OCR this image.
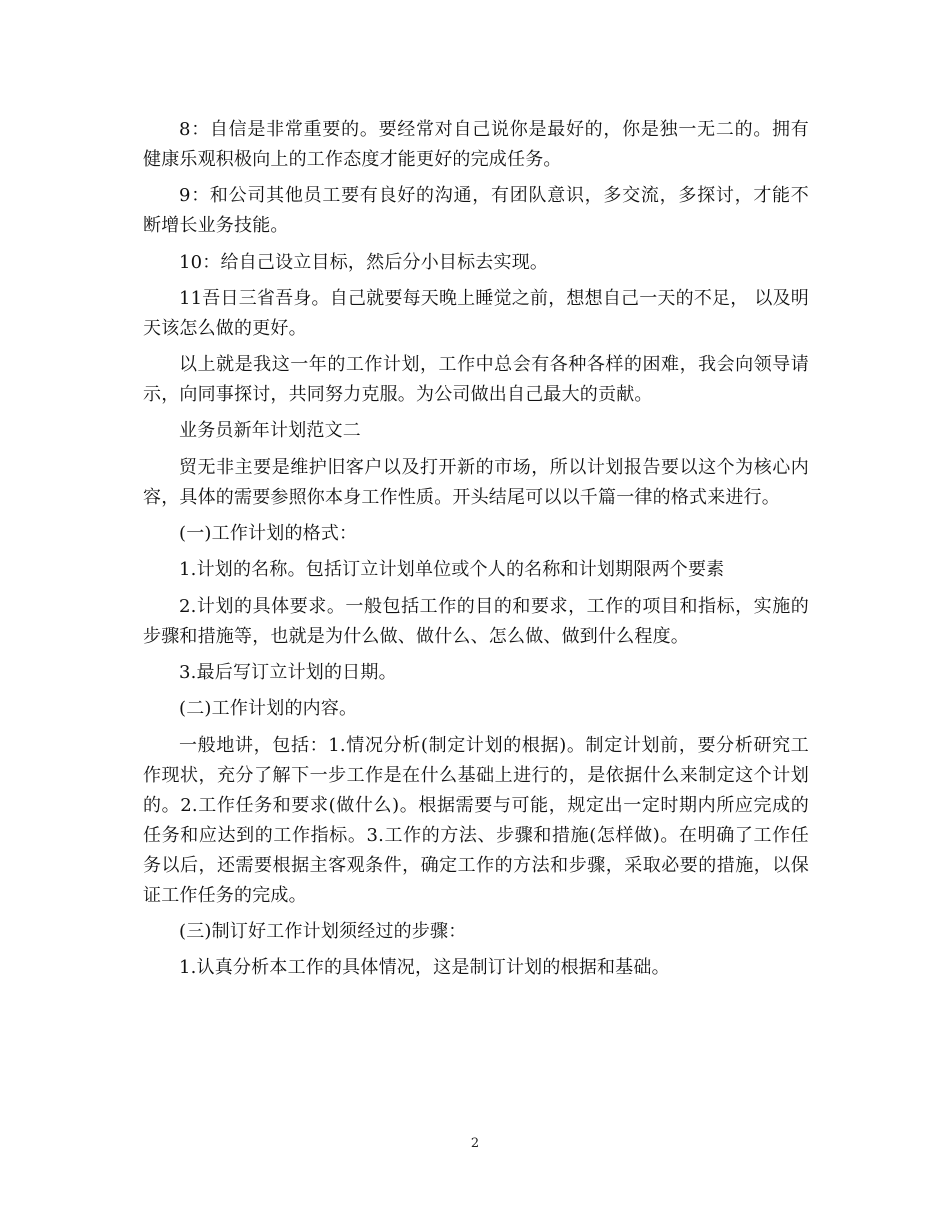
8：自信是非常重要的。要经常对自己说你是最好的，你是独一无二的。拥有健康乐观积极向上的工作态度才能更好的完成任务。

9：和公司其他员工要有良好的沟通，有团队意识，多交流，多探讨，才能不断增长业务技能。

10：给自己设立目标，然后分小目标去实现。

11吾日三省吾身。自己就要每天晚上睡觉之前，想想自己一天的不足， 以及明天该怎么做的更好。

以上就是我这一年的工作计划，工作中总会有各种各样的困难，我会向领导请示，向同事探讨，共同努力克服。为公司做出自己最大的贡献。

业务员新年计划范文二

贸无非主要是维护旧客户以及打开新的市场，所以计划报告要以这个为核心内容，具体的需要参照你本身工作性质。开头结尾可以以千篇一律的格式来进行。

(一)工作计划的格式：

1.计划的名称。包括订立计划单位或个人的名称和计划期限两个要素

2.计划的具体要求。一般包括工作的目的和要求，工作的项目和指标，实施的步骤和措施等，也就是为什么做、做什么、怎么做、做到什么程度。

3.最后写订立计划的日期。

(二)工作计划的内容。

一般地讲，包括：1.情况分析(制定计划的根据)。制定计划前，要分析研究工作现状，充分了解下一步工作是在什么基础上进行的，是依据什么来制定这个计划的。2.工作任务和要求(做什么)。根据需要与可能，规定出一定时期内所应完成的任务和应达到的工作指标。3.工作的方法、步骤和措施(怎样做)。在明确了工作任务以后，还需要根据主客观条件，确定工作的方法和步骤，采取必要的措施，以保证工作任务的完成。

(三)制订好工作计划须经过的步骤：

1.认真分析本工作的具体情况，这是制订计划的根据和基础。

2
